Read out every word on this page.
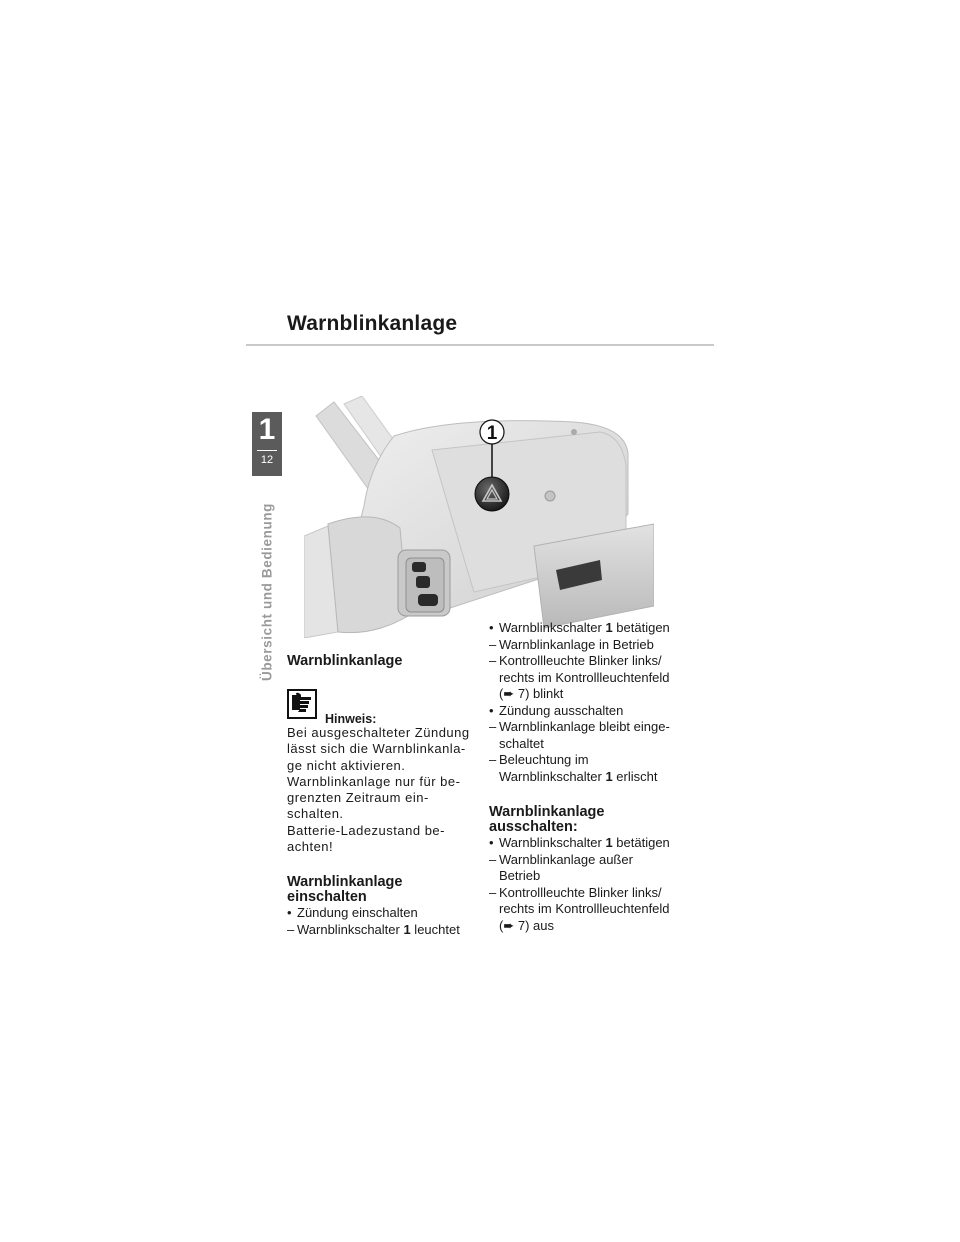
Warnblinkanlage
1
12
Übersicht und Bedienung
1
Warnblinkanlage
Hinweis:

Bei ausgeschalteter Zündung

lässt sich die Warnblinkanla-

ge nicht aktivieren.

Warnblinkanlage nur für be-

grenzten Zeitraum ein-

schalten.

Batterie-Ladezustand be-

achten!

Warnblinkanlage
einschalten
• Zündung einschalten
– Warnblinkschalter 1 leuchtet
• Warnblinkschalter 1 betätigen
– Warnblinkanlage in Betrieb
– Kontrollleuchte Blinker links/
rechts im Kontrollleuchtenfeld
(➨ 7) blinkt
• Zündung ausschalten
– Warnblinkanlage bleibt einge-
schaltet
– Beleuchtung im
Warnblinkschalter 1 erlischt
Warnblinkanlage
ausschalten:
• Warnblinkschalter 1 betätigen
– Warnblinkanlage außer
Betrieb
– Kontrollleuchte Blinker links/
rechts im Kontrollleuchtenfeld
(➨ 7) aus
